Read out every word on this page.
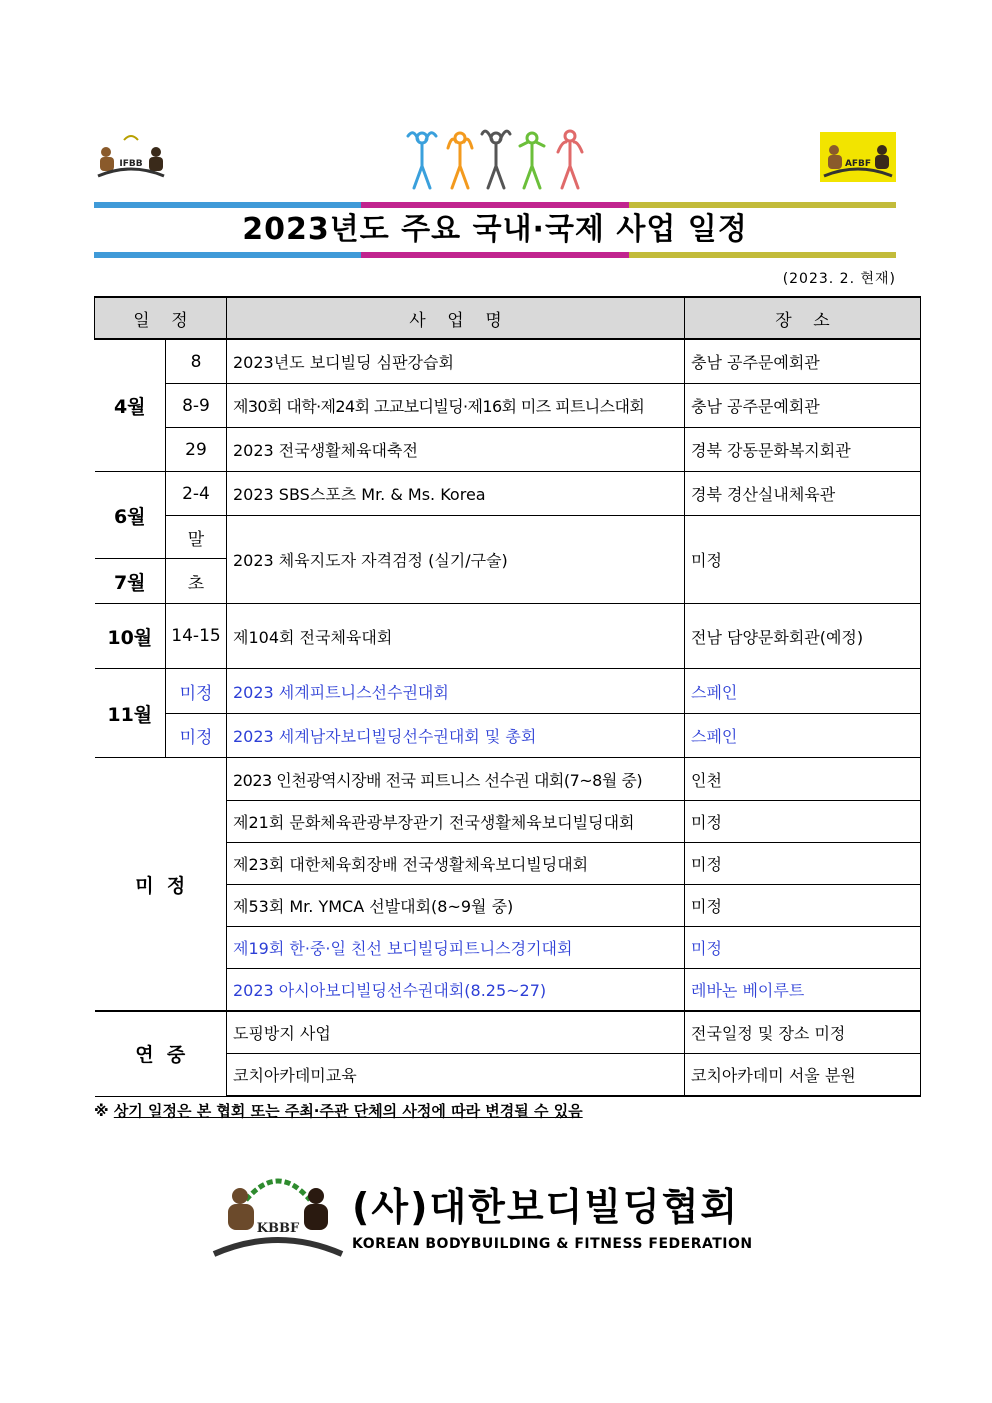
IFBB	AFBF
2023년도 주요 국내·국제 사업 일정
(2023. 2. 현재)
일    정		사    업    명	장    소
4월	8	2023년도 보디빌딩 심판강습회	충남 공주문예회관
	8-9	제30회 대학·제24회 고교보디빌딩·제16회 미즈 피트니스대회	충남 공주문예회관
	29	2023 전국생활체육대축전	경북 강동문화복지회관
6월	2-4	2023 SBS스포츠 Mr. & Ms. Korea	경북 경산실내체육관
	말	2023 체육지도자 자격검정 (실기/구술)	미정
7월	초		
10월	14-15	제104회 전국체육대회	전남 담양문화회관(예정)
11월	미정	2023 세계피트니스선수권대회	스페인
	미정	2023 세계남자보디빌딩선수권대회 및 총회	스페인
미  정		2023 인천광역시장배 전국 피트니스 선수권 대회(7~8월 중)	인천
		제21회 문화체육관광부장관기 전국생활체육보디빌딩대회	미정
		제23회 대한체육회장배 전국생활체육보디빌딩대회	미정
		제53회 Mr. YMCA 선발대회(8~9월 중)	미정
		제19회 한·중·일 친선 보디빌딩피트니스경기대회	미정
		2023 아시아보디빌딩선수권대회(8.25~27)	레바논 베이루트
연  중		도핑방지 사업	전국일정 및 장소 미정
		코치아카데미교육	코치아카데미 서울 분원
※ 상기 일정은 본 협회 또는 주최·주관 단체의 사정에 따라 변경될 수 있음
KBBF (사)대한보디빌딩협회
KOREAN BODYBUILDING & FITNESS FEDERATION
